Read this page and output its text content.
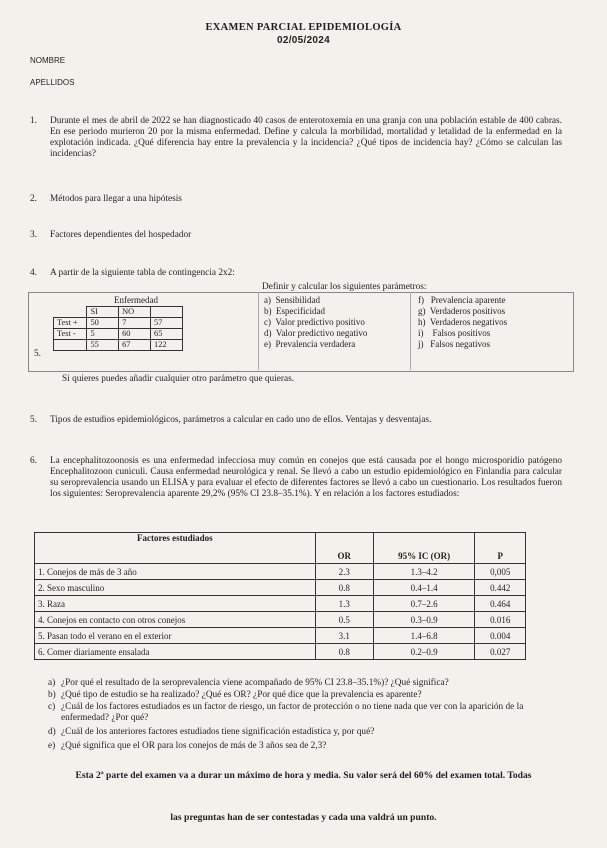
EXAMEN PARCIAL EPIDEMIOLOGÍA
02/05/2024
NOMBRE
APELLIDOS
1. Durante el mes de abril de 2022 se han diagnosticado 40 casos de enterotoxemia en una granja con una población estable de 400 cabras. En ese periodo murieron 20 por la misma enfermedad. Define y calcula la morbilidad, mortalidad y letalidad de la enfermedad en la explotación indicada. ¿Qué diferencia hay entre la prevalencia y la incidencia? ¿Qué tipos de incidencia hay? ¿Cómo se calculan las incidencias?
2. Métodos para llegar a una hipótesis
3. Factores dependientes del hospedador
4. A partir de la siguiente tabla de contingencia 2x2:
Definir y calcular los siguientes parámetros:
5.
Enfermedad
	SI	NO	
Test +	50	7	57
Test -	5	60	65
	55	67	122
a) Sensibilidad
b) Especificidad
c) Valor predictivo positivo
d) Valor predictivo negativo
e) Prevalencia verdadera
f) Prevalencia aparente
g) Verdaderos positivos
h) Verdaderos negativos
i) Falsos positivos
j) Falsos negativos
Si quieres puedes añadir cualquier otro parámetro que quieras.
5. Tipos de estudios epidemiológicos, parámetros a calcular en cado uno de ellos. Ventajas y desventajas.
6. La encephalitozoonosis es una enfermedad infecciosa muy común en conejos que está causada por el hongo microsporidio patógeno Encephalitozoon cuniculi. Causa enfermedad neurológica y renal. Se llevó a cabo un estudio epidemiológico en Finlandia para calcular su seroprevalencia usando un ELISA y para evaluar el efecto de diferentes factores se llevó a cabo un cuestionario. Los resultados fueron los siguientes: Seroprevalencia aparente 29,2% (95% CI 23.8–35.1%). Y en relación a los factores estudiados:
Factores estudiados			
	OR	95% IC (OR)	P
1. Conejos de más de 3 año	2.3	1.3–4.2	0,005
2. Sexo masculino	0.8	0.4–1.4	0.442
3. Raza	1.3	0.7–2.6	0.464
4. Conejos en contacto con otros conejos	0.5	0.3–0.9	0.016
5. Pasan todo el verano en el exterior	3.1	1.4–6.8	0.004
6. Comer diariamente ensalada	0.8	0.2–0.9	0.027
a) ¿Por qué el resultado de la seroprevalencia viene acompañado de 95% CI 23.8–35.1%)? ¿Qué significa?
b) ¿Qué tipo de estudio se ha realizado? ¿Qué es OR? ¿Por qué dice que la prevalencia es aparente?
c) ¿Cuál de los factores estudiados es un factor de riesgo, un factor de protección o no tiene nada que ver con la aparición de la enfermedad? ¿Por qué?
d) ¿Cuál de los anteriores factores estudiados tiene significación estadística y, por qué?
e) ¿Qué significa que el OR para los conejos de más de 3 años sea de 2,3?
Esta 2ª parte del examen va a durar un máximo de hora y media. Su valor será del 60% del examen total. Todas
las preguntas han de ser contestadas y cada una valdrá un punto.
